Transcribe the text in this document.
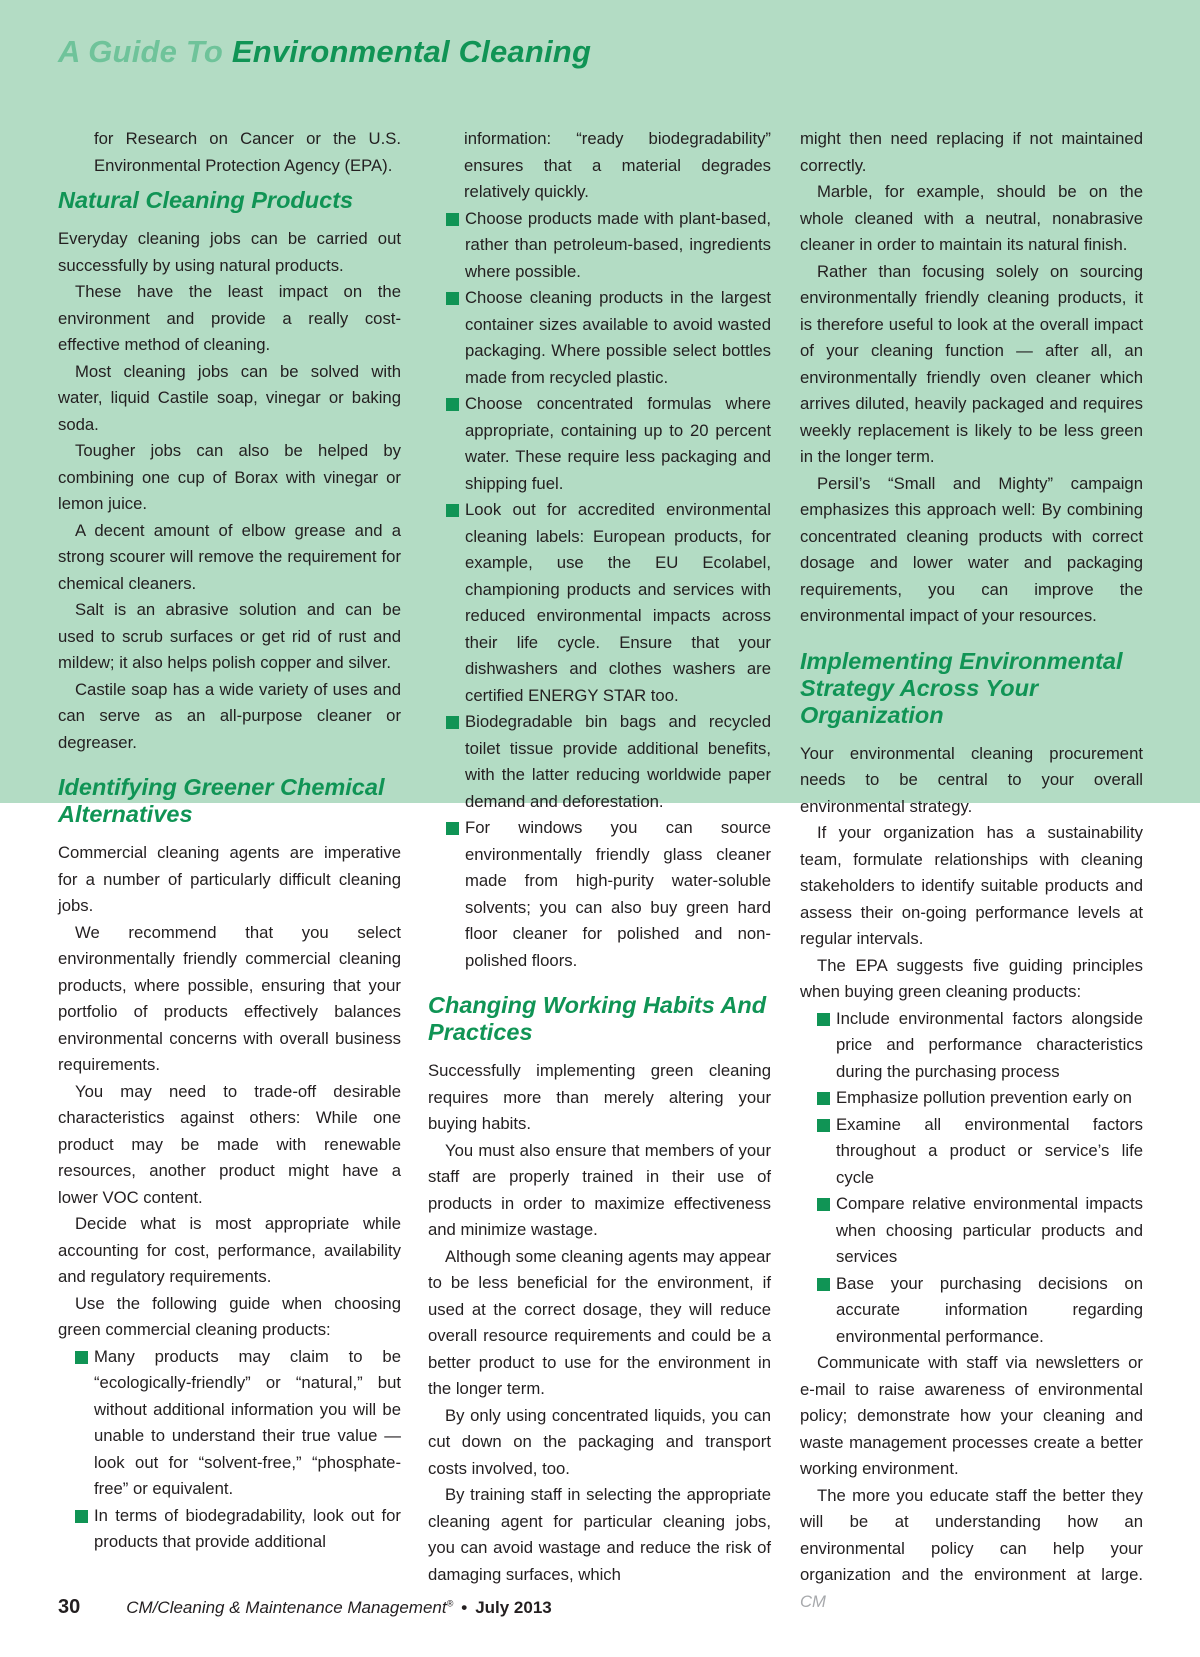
A Guide To Environmental Cleaning

for Research on Cancer or the U.S. Environmental Protection Agency (EPA).

Natural Cleaning Products

Everyday cleaning jobs can be carried out successfully by using natural products.

These have the least impact on the environment and provide a really cost-effective method of cleaning.

Most cleaning jobs can be solved with water, liquid Castile soap, vinegar or baking soda.

Tougher jobs can also be helped by combining one cup of Borax with vinegar or lemon juice.

A decent amount of elbow grease and a strong scourer will remove the requirement for chemical cleaners.

Salt is an abrasive solution and can be used to scrub surfaces or get rid of rust and mildew; it also helps polish copper and silver.

Castile soap has a wide variety of uses and can serve as an all-purpose cleaner or degreaser.

Identifying Greener Chemical Alternatives

Commercial cleaning agents are imperative for a number of particularly difficult cleaning jobs.

We recommend that you select environmentally friendly commercial cleaning products, where possible, ensuring that your portfolio of products effectively balances environmental concerns with overall business requirements.

You may need to trade-off desirable characteristics against others: While one product may be made with renewable resources, another product might have a lower VOC content.

Decide what is most appropriate while accounting for cost, performance, availability and regulatory requirements.

Use the following guide when choosing green commercial cleaning products:

Many products may claim to be “ecologically-friendly” or “natural,” but without additional information you will be unable to understand their true value — look out for “solvent-free,” “phosphate-free” or equivalent.
In terms of biodegradability, look out for products that provide additional

information: “ready biodegradability” ensures that a material degrades relatively quickly.

Choose products made with plant-based, rather than petroleum-based, ingredients where possible.
Choose cleaning products in the largest container sizes available to avoid wasted packaging. Where possible select bottles made from recycled plastic.
Choose concentrated formulas where appropriate, containing up to 20 percent water. These require less packaging and shipping fuel.
Look out for accredited environmental cleaning labels: European products, for example, use the EU Ecolabel, championing products and services with reduced environmental impacts across their life cycle. Ensure that your dishwashers and clothes washers are certified ENERGY STAR too.
Biodegradable bin bags and recycled toilet tissue provide additional benefits, with the latter reducing worldwide paper demand and deforestation.
For windows you can source environmentally friendly glass cleaner made from high-purity water-soluble solvents; you can also buy green hard floor cleaner for polished and non-polished floors.
Changing Working Habits And Practices

Successfully implementing green cleaning requires more than merely altering your buying habits.

You must also ensure that members of your staff are properly trained in their use of products in order to maximize effectiveness and minimize wastage.

Although some cleaning agents may appear to be less beneficial for the environment, if used at the correct dosage, they will reduce overall resource requirements and could be a better product to use for the environment in the longer term.

By only using concentrated liquids, you can cut down on the packaging and transport costs involved, too.

By training staff in selecting the appropriate cleaning agent for particular cleaning jobs, you can avoid wastage and reduce the risk of damaging surfaces, which

might then need replacing if not maintained correctly.

Marble, for example, should be on the whole cleaned with a neutral, nonabrasive cleaner in order to maintain its natural finish.

Rather than focusing solely on sourcing environmentally friendly cleaning products, it is therefore useful to look at the overall impact of your cleaning function — after all, an environmentally friendly oven cleaner which arrives diluted, heavily packaged and requires weekly replacement is likely to be less green in the longer term.

Persil’s “Small and Mighty” campaign emphasizes this approach well: By combining concentrated cleaning products with correct dosage and lower water and packaging requirements, you can improve the environmental impact of your resources.

Implementing Environmental Strategy Across Your Organization

Your environmental cleaning procurement needs to be central to your overall environmental strategy.

If your organization has a sustainability team, formulate relationships with cleaning stakeholders to identify suitable products and assess their on-going performance levels at regular intervals.

The EPA suggests five guiding principles when buying green cleaning products:

Include environmental factors alongside price and performance characteristics during the purchasing process
Emphasize pollution prevention early on
Examine all environmental factors throughout a product or service’s life cycle
Compare relative environmental impacts when choosing particular products and services
Base your purchasing decisions on accurate information regarding environmental performance.

Communicate with staff via newsletters or e-mail to raise awareness of environmental policy; demonstrate how your cleaning and waste management processes create a better working environment.

The more you educate staff the better they will be at understanding how an environmental policy can help your organization and the environment at large. CM

30	CM/Cleaning & Maintenance Management® • July 2013
